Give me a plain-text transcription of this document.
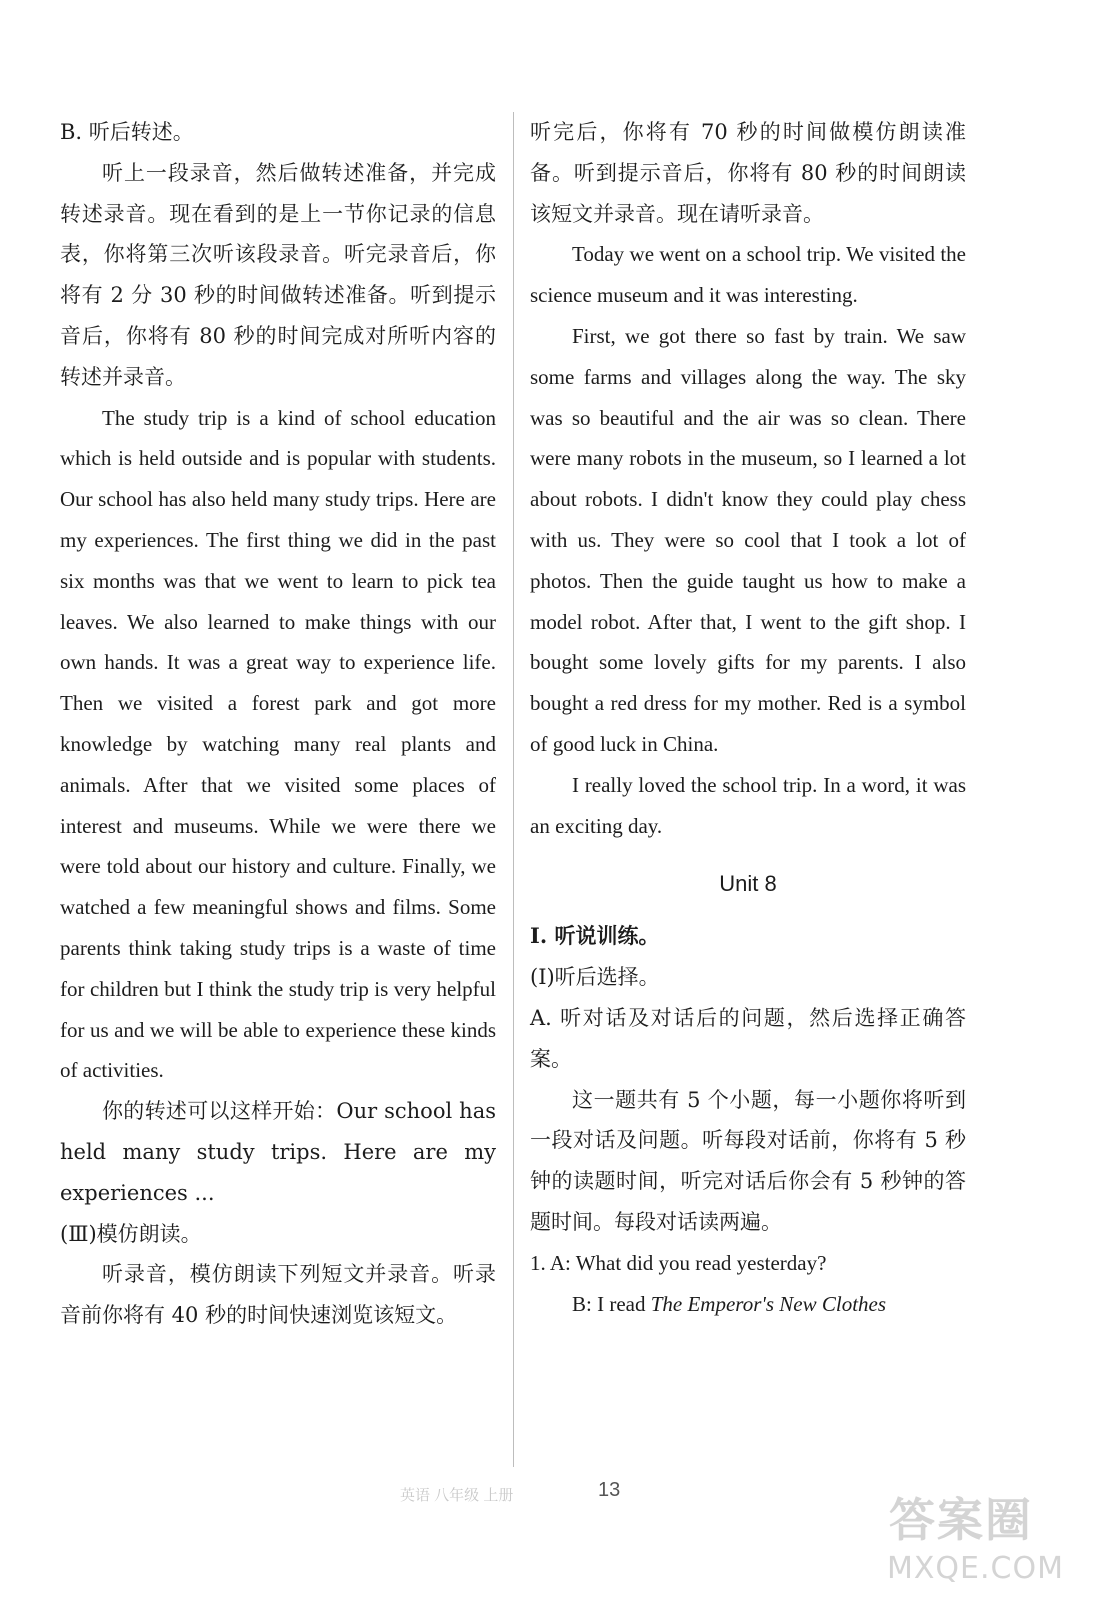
B. 听后转述。

听上一段录音，然后做转述准备，并完成转述录音。现在看到的是上一节你记录的信息表，你将第三次听该段录音。听完录音后，你将有 2 分 30 秒的时间做转述准备。听到提示音后，你将有 80 秒的时间完成对所听内容的转述并录音。

The study trip is a kind of school education which is held outside and is popular with students. Our school has also held many study trips. Here are my experiences. The first thing we did in the past six months was that we went to learn to pick tea leaves. We also learned to make things with our own hands. It was a great way to experience life. Then we visited a forest park and got more knowledge by watching many real plants and animals. After that we visited some places of interest and museums. While we were there we were told about our history and culture. Finally, we watched a few meaningful shows and films. Some parents think taking study trips is a waste of time for children but I think the study trip is very helpful for us and we will be able to experience these kinds of activities.

你的转述可以这样开始：Our school has held many study trips. Here are my experiences ...

(Ⅲ)模仿朗读。

听录音，模仿朗读下列短文并录音。听录音前你将有 40 秒的时间快速浏览该短文。

听完后，你将有 70 秒的时间做模仿朗读准备。听到提示音后，你将有 80 秒的时间朗读该短文并录音。现在请听录音。

Today we went on a school trip. We visited the science museum and it was interesting.

First, we got there so fast by train. We saw some farms and villages along the way. The sky was so beautiful and the air was so clean. There were many robots in the museum, so I learned a lot about robots. I didn't know they could play chess with us. They were so cool that I took a lot of photos. Then the guide taught us how to make a model robot. After that, I went to the gift shop. I bought some lovely gifts for my parents. I also bought a red dress for my mother. Red is a symbol of good luck in China.

I really loved the school trip. In a word, it was an exciting day.

Unit 8

Ⅰ. 听说训练。

(Ⅰ)听后选择。

A. 听对话及对话后的问题，然后选择正确答案。

这一题共有 5 个小题，每一小题你将听到一段对话及问题。听每段对话前，你将有 5 秒钟的读题时间，听完对话后你会有 5 秒钟的答题时间。每段对话读两遍。

1. A: What did you read yesterday?

B: I read The Emperor's New Clothes

英语 八年级 上册	13
答案圈
MXQE.COM
